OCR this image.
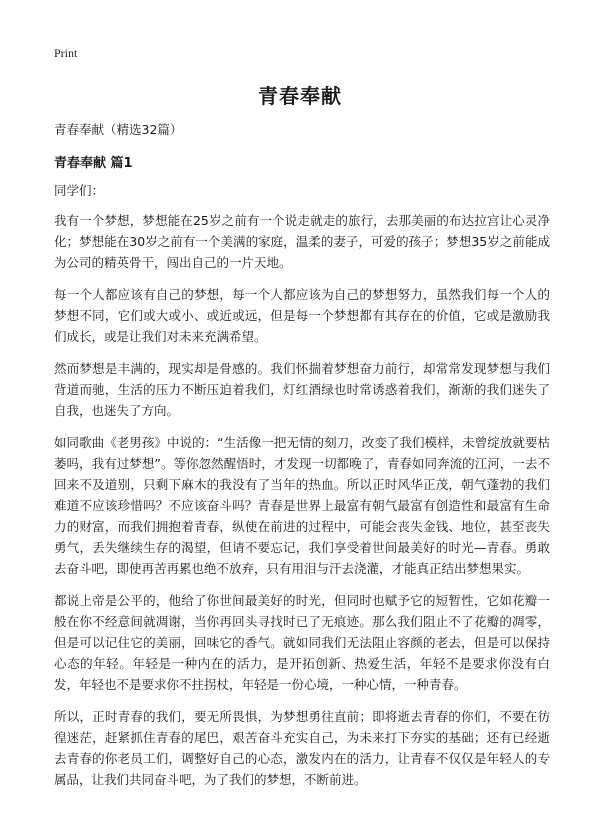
Print
青春奉献

青春奉献（精选32篇）

青春奉献 篇1

同学们：

我有一个梦想，梦想能在25岁之前有一个说走就走的旅行，去那美丽的布达拉宫让心灵净化；梦想能在30岁之前有一个美满的家庭，温柔的妻子，可爱的孩子；梦想35岁之前能成为公司的精英骨干，闯出自己的一片天地。

每一个人都应该有自己的梦想，每一个人都应该为自己的梦想努力，虽然我们每一个人的梦想不同，它们或大或小、或近或远，但是每一个梦想都有其存在的价值，它或是激励我们成长，或是让我们对未来充满希望。

然而梦想是丰满的，现实却是骨感的。我们怀揣着梦想奋力前行，却常常发现梦想与我们背道而驰，生活的压力不断压迫着我们，灯红酒绿也时常诱惑着我们，渐渐的我们迷失了自我，也迷失了方向。

如同歌曲《老男孩》中说的：“生活像一把无情的刻刀，改变了我们模样，未曾绽放就要枯萎吗，我有过梦想”。等你忽然醒悟时，才发现一切都晚了，青春如同奔流的江河，一去不回来不及道别，只剩下麻木的我没有了当年的热血。所以正时风华正茂，朝气蓬勃的我们难道不应该珍惜吗？不应该奋斗吗？青春是世界上最富有朝气最富有创造性和最富有生命力的财富，而我们拥抱着青春，纵使在前进的过程中，可能会丧失金钱、地位，甚至丧失勇气，丢失继续生存的渴望，但请不要忘记，我们享受着世间最美好的时光—青春。勇敢去奋斗吧，即使再苦再累也绝不放弃，只有用泪与汗去浇灌，才能真正结出梦想果实。

都说上帝是公平的，他给了你世间最美好的时光，但同时也赋予它的短暂性，它如花瓣一般在你不经意间就凋谢，当你再回头寻找时已了无痕迹。那么我们阻止不了花瓣的凋零，但是可以记住它的美丽，回味它的香气。就如同我们无法阻止容颜的老去，但是可以保持心态的年轻。年轻是一种内在的活力，是开拓创新、热爱生活，年轻不是要求你没有白发，年轻也不是要求你不拄拐杖，年轻是一份心境，一种心情，一种青春。

所以，正时青春的我们，要无所畏惧，为梦想勇往直前；即将逝去青春的你们，不要在彷徨迷茫，赶紧抓住青春的尾巴，艰苦奋斗充实自己，为未来打下夯实的基础；还有已经逝去青春的你老员工们，调整好自己的心态，激发内在的活力，让青春不仅仅是年轻人的专属品，让我们共同奋斗吧，为了我们的梦想，不断前进。
